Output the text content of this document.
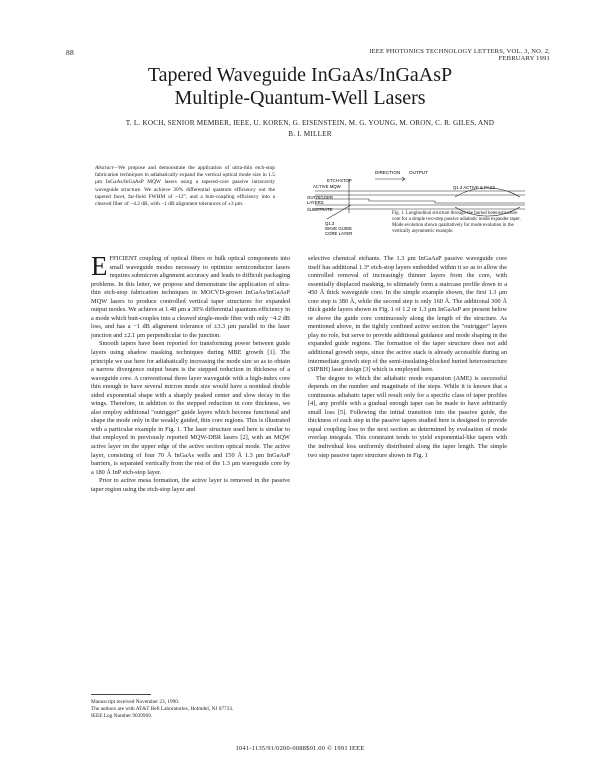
88	IEEE PHOTONICS TECHNOLOGY LETTERS, VOL. 3, NO. 2, FEBRUARY 1991
Tapered Waveguide InGaAs/InGaAsP
Multiple-Quantum-Well Lasers
T. L. KOCH, SENIOR MEMBER, IEEE, U. KOREN, G. EISENSTEIN, M. G. YOUNG, M. ORON, C. R. GILES, AND
B. I. MILLER
Abstract—We propose and demonstrate the application of ultra-thin etch-stop fabrication techniques to adiabatically expand the vertical optical mode size in 1.5 μm InGaAs/InGaAsP MQW lasers using a tapered-core passive intracavity waveguide structure. We achieve 30% differential quantum efficiency out the tapered facet, far-field FWHM of ~12°, and a butt-coupling efficiency into a cleaved fiber of −4.2 dB, with −1 dB alignment tolerances of ±3 μm.
DIRECTION OUTPUT
ETCH-STOP
ACTIVE MQW	Q1.3 ACTIVE & PASS
OUTRIGGER
LAYERS
SUBSTRATE
Q1.3
WAVE GUIDE
CORE LAYER
Fig. 1. Longitudinal structure through the buried heterostructure core for a simple two-step passive adiabatic mode expander taper. Mode evolution shown qualitatively for mode evolution in the vertically asymmetric example.

EFFICIENT coupling of optical fibers or bulk optical components into small waveguide modes necessary to optimize semiconductor lasers requires submicron alignment accuracy and leads to difficult packaging problems. In this letter, we propose and demonstrate the application of ultra-thin etch-stop fabrication techniques in MOCVD-grown InGaAs/InGaAsP MQW lasers to produce controlled vertical taper structures for expanded output modes. We achieve at 1.48 μm a 30% differential quantum efficiency in a mode which butt-couples into a cleaved single-mode fiber with only −4.2 dB loss, and has a −1 dB alignment tolerance of ±3.3 μm parallel to the laser junction and ±2.1 μm perpendicular to the junction.

Smooth tapers have been reported for transforming power between guide layers using shadow masking techniques during MBE growth [1]. The principle we use here for adiabatically increasing the mode size so as to obtain a narrow divergence output beam is the stepped reduction in thickness of a waveguide core. A conventional three layer waveguide with a high-index core thin enough to have several micron mode size would have a nonideal double sided exponential shape with a sharply peaked center and slow decay in the wings. Therefore, in addition to the stepped reduction in core thickness, we also employ additional "outrigger" guide layers which become functional and shape the mode only in the weakly guided, thin core regions. This is illustrated with a particular example in Fig. 1. The laser structure used here is similar to that employed in previously reported MQW-DBR lasers [2], with an MQW active layer on the upper edge of the active section optical mode. The active layer, consisting of four 70 Å InGaAs wells and 150 Å 1.3 μm InGaAsP barriers, is separated vertically from the rest of the 1.3 μm waveguide core by a 180 Å InP etch-stop layer.

Prior to active mesa formation, the active layer is removed in the passive taper region using the etch-stop layer and

Manuscript received November 23, 1990.
The authors are with AT&T Bell Laboratories, Holmdel, NJ 07733.
IEEE Log Number 9039969.

selective chemical etchants. The 1.3 μm InGaAsP passive waveguide core itself has additional 1.3° etch-stop layers embedded within it so as to allow the controlled removal of increasingly thinner layers from the core, with essentially displaced masking, to ultimately form a staircase profile down to a 450 Å thick waveguide core. In the simple example shown, the first 1.3 μm core step is 380 Å, while the second step is only 160 Å. The additional 300 Å thick guide layers shown in Fig. 1 of 1.2 or 1.3 μm InGaAsP are present below or above the guide core continuously along the length of the structure. As mentioned above, in the tightly confined active section the "outrigger" layers play no role, but serve to provide additional guidance and mode shaping in the expanded guide regions. The formation of the taper structure does not add additional growth steps, since the active stack is already accessible during an intermediate growth step of the semi-insulating-blocked buried heterostructure (SIPBH) laser design [3] which is employed here.

The degree to which the adiabatic mode expansion (AME) is successful depends on the number and magnitude of the steps. While it is known that a continuous adiabatic taper will result only for a specific class of taper profiles [4], any profile with a gradual enough taper can be made to have arbitrarily small loss [5]. Following the initial transition into the passive guide, the thickness of each step in the passive tapers studied here is designed to provide equal coupling loss to the next section as determined by evaluation of mode overlap integrals. This constraint tends to yield exponential-like tapers with the individual loss uniformly distributed along the taper length. The simple two step passive taper structure shown in Fig. 1

1041-1135/91/0200-0088$01.00 © 1991 IEEE
